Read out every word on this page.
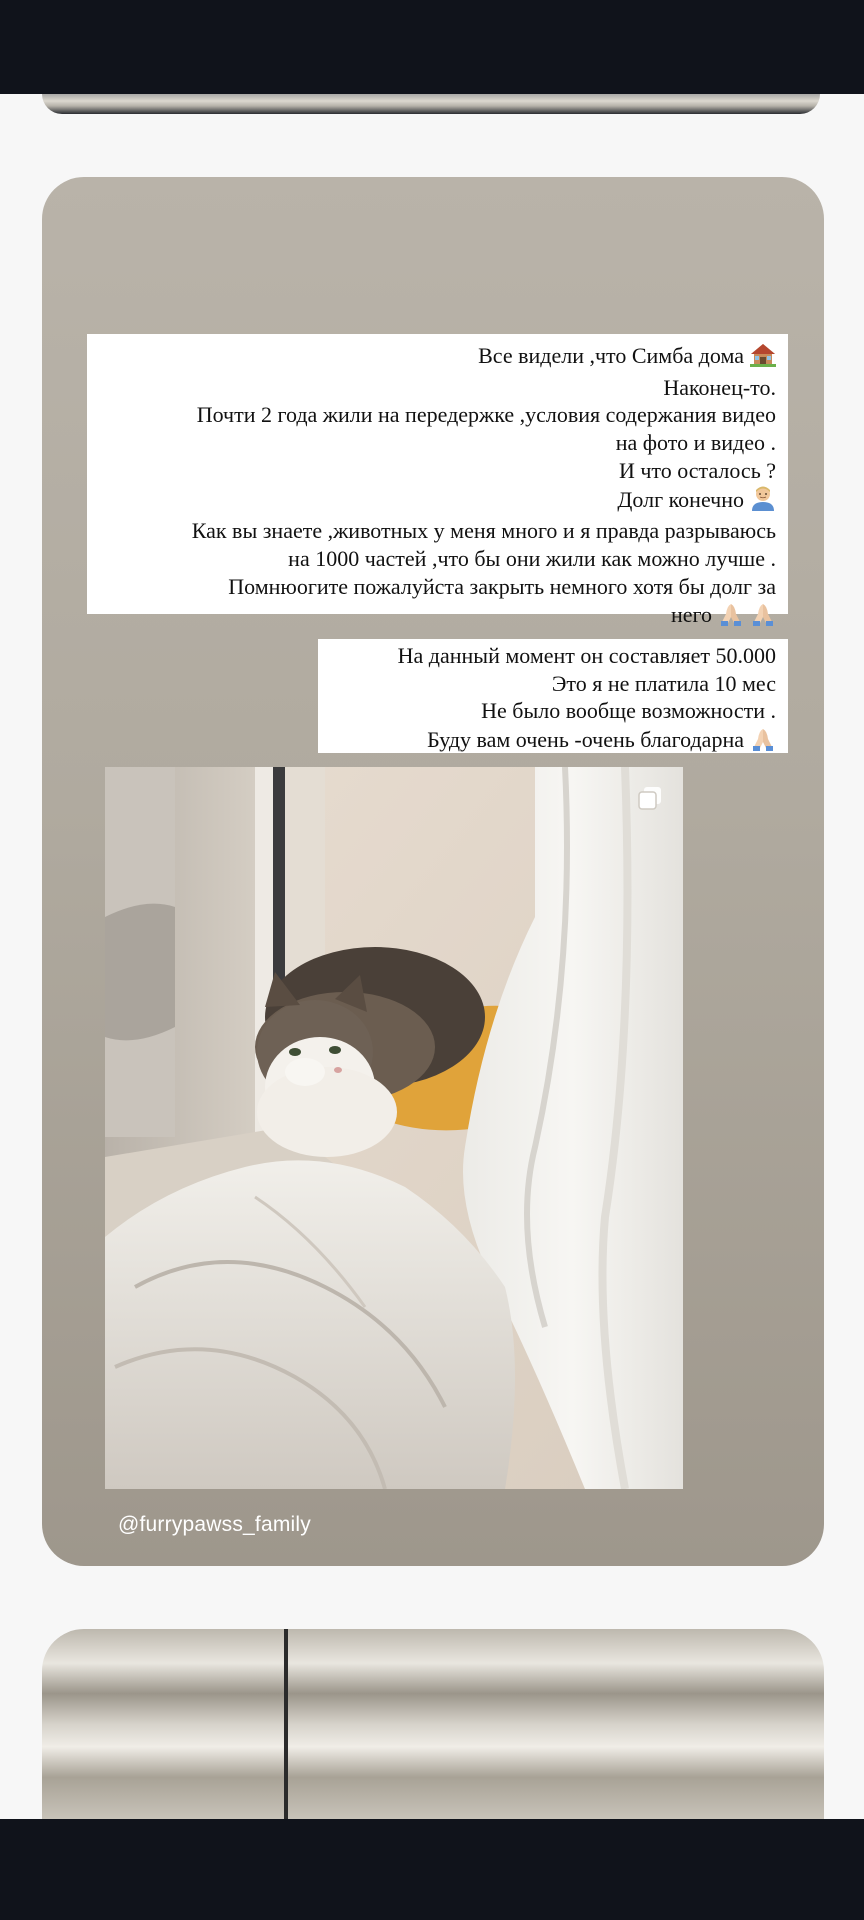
Все видели ,что Симба дома
Наконец-то.
Почти 2 года жили на передержке ,условия содержания видео
на фото и видео .
И что осталось ?
Долг конечно
Как вы знаете ,животных у меня много и я правда разрываюсь
на 1000 частей ,что бы они жили как можно лучше .
Помнюогите пожалуйста закрыть немного хотя бы долг за
него
На данный момент он составляет 50.000
Это я не платила 10 мес
Не было вообще возможности .
Буду вам очень -очень благодарна
@furrypawss_family
